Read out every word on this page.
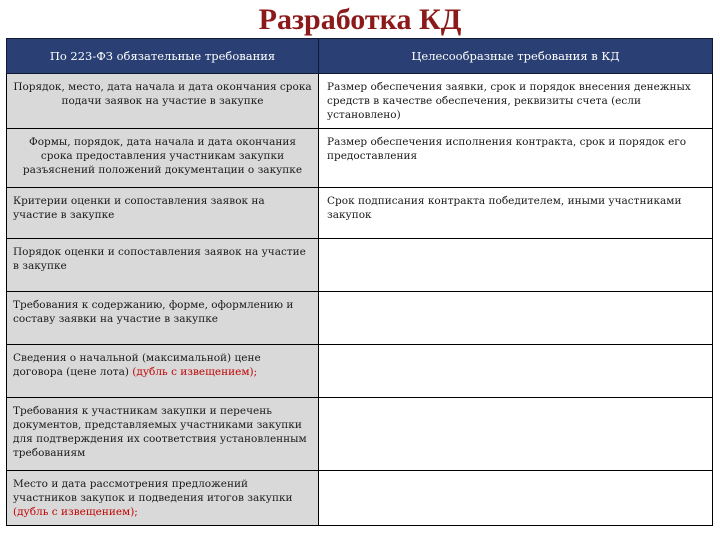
Разработка КД
По 223-ФЗ обязательные требования	Целесообразные требования в КД
Порядок, место, дата начала и дата окончания срока подачи заявок на участие в закупке	Размер обеспечения заявки, срок и порядок внесения денежных средств в качестве обеспечения, реквизиты счета (если установлено)
Формы, порядок, дата начала и дата окончания срока предоставления участникам закупки разъяснений положений документации о закупке	Размер обеспечения исполнения контракта, срок и порядок его предоставления
Критерии оценки и сопоставления заявок на участие в закупке	Срок подписания контракта победителем, иными участниками закупок
Порядок оценки и сопоставления заявок на участие в закупке	
Требования к содержанию, форме, оформлению и составу заявки на участие в закупке	
Сведения о начальной (максимальной) цене договора (цене лота) (дубль с извещением);	
Требования к участникам закупки и перечень документов, представляемых участниками закупки для подтверждения их соответствия установленным требованиям	
Место и дата рассмотрения предложений участников закупок и подведения итогов закупки (дубль с извещением);	
